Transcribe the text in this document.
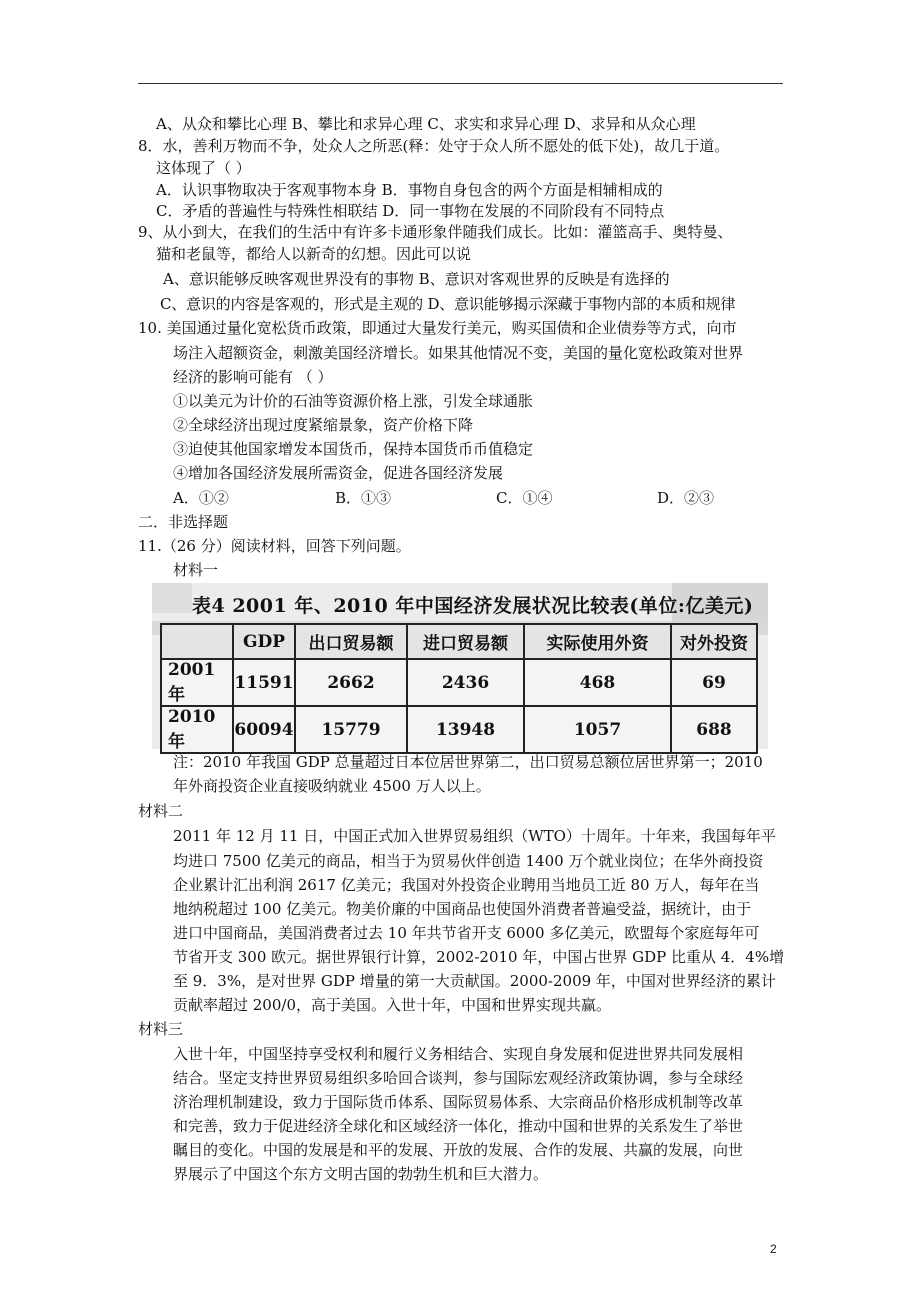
A、从众和攀比心理 B、攀比和求异心理 C、求实和求异心理 D、求异和从众心理
8．水，善利万物而不争，处众人之所恶(释：处守于众人所不愿处的低下处)，故几于道。
这体现了（ ）
A．认识事物取决于客观事物本身 B．事物自身包含的两个方面是相辅相成的
C．矛盾的普遍性与特殊性相联结 D．同一事物在发展的不同阶段有不同特点
9、从小到大，在我们的生活中有许多卡通形象伴随我们成长。比如：灌篮高手、奥特曼、
猫和老鼠等，都给人以新奇的幻想。因此可以说
A、意识能够反映客观世界没有的事物 B、意识对客观世界的反映是有选择的
C、意识的内容是客观的，形式是主观的 D、意识能够揭示深藏于事物内部的本质和规律
10. 美国通过量化宽松货币政策，即通过大量发行美元，购买国债和企业债券等方式，向市
场注入超额资金，刺激美国经济增长。如果其他情况不变，美国的量化宽松政策对世界
经济的影响可能有 （ ）
①以美元为计价的石油等资源价格上涨，引发全球通胀
②全球经济出现过度紧缩景象，资产价格下降
③迫使其他国家增发本国货币，保持本国货币币值稳定
④增加各国经济发展所需资金，促进各国经济发展
A．①②	B．①③	C．①④	D．②③
二．非选择题
11.（26 分）阅读材料，回答下列问题。
材料一
表4 2001 年、2010 年中国经济发展状况比较表(单位:亿美元)
	GDP	出口贸易额	进口贸易额	实际使用外资	对外投资
2001 年	11591	2662	2436	468	69
2010 年	60094	15779	13948	1057	688
注：2010 年我国 GDP 总量超过日本位居世界第二，出口贸易总额位居世界第一；2010
年外商投资企业直接吸纳就业 4500 万人以上。
材料二
2011 年 12 月 11 日，中国正式加入世界贸易组织（WTO）十周年。十年来，我国每年平
均进口 7500 亿美元的商品，相当于为贸易伙伴创造 1400 万个就业岗位；在华外商投资
企业累计汇出利润 2617 亿美元；我国对外投资企业聘用当地员工近 80 万人，每年在当
地纳税超过 100 亿美元。物美价廉的中国商品也使国外消费者普遍受益，据统计，由于
进口中国商品，美国消费者过去 10 年共节省开支 6000 多亿美元，欧盟每个家庭每年可
节省开支 300 欧元。据世界银行计算，2002-2010 年，中国占世界 GDP 比重从 4．4%增
至 9．3%，是对世界 GDP 增量的第一大贡献国。2000-2009 年，中国对世界经济的累计
贡献率超过 200/0，高于美国。入世十年，中国和世界实现共赢。
材料三
入世十年，中国坚持享受权利和履行义务相结合、实现自身发展和促进世界共同发展相
结合。坚定支持世界贸易组织多哈回合谈判，参与国际宏观经济政策协调，参与全球经
济治理机制建设，致力于国际货币体系、国际贸易体系、大宗商品价格形成机制等改革
和完善，致力于促进经济全球化和区域经济一体化，推动中国和世界的关系发生了举世
瞩目的变化。中国的发展是和平的发展、开放的发展、合作的发展、共赢的发展，向世
界展示了中国这个东方文明古国的勃勃生机和巨大潜力。
2
